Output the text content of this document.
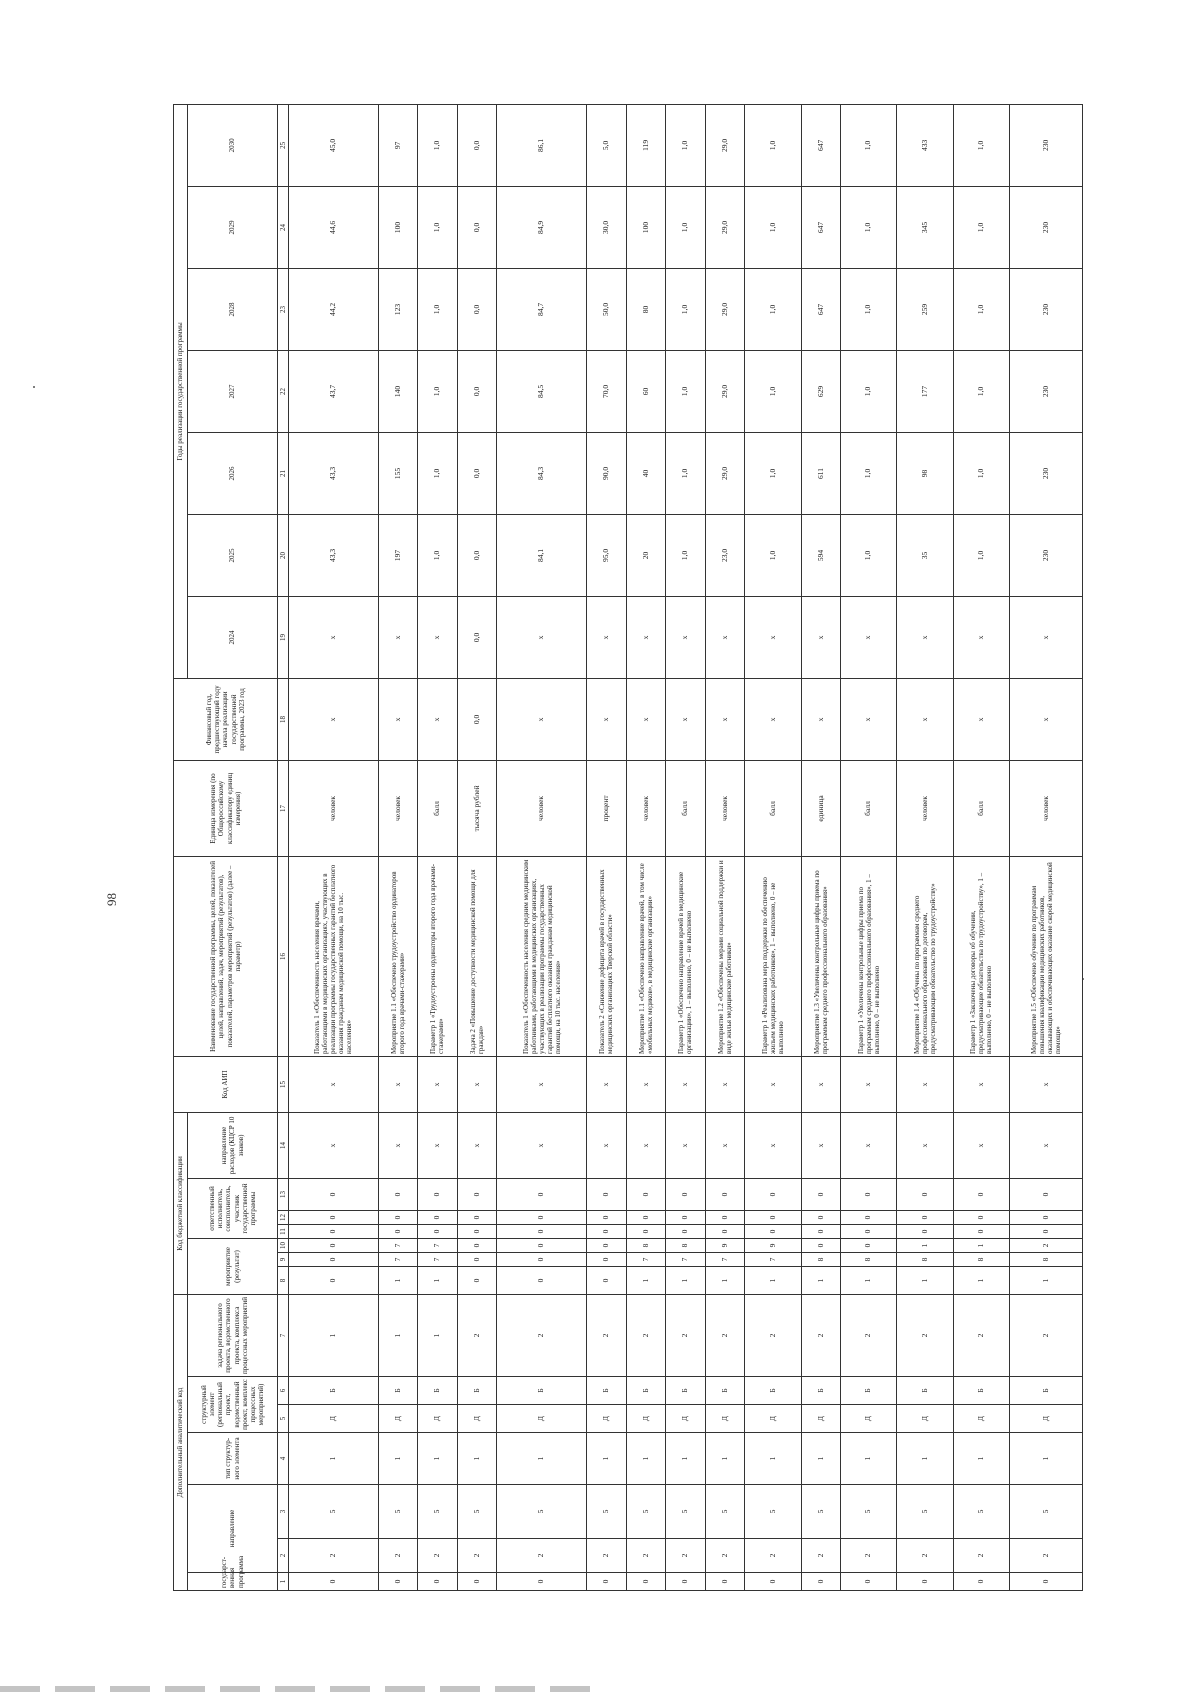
98
Дополнительный аналитический код							Код бюджетной классификации							Код АИП	Наименование государственной программы, целей, показателей целей, направлений, задач, мероприятий (результатов), показателей, параметров мероприятий (результатов) (далее – параметр)	Единица измерения (по Общероссийскому классификатору единиц измерения)	Финансовый год, предшествующий году начала реализации государственной программы, 2023 год	Годы реализации государственной программы						
государст-венная программа	направление		тип структур-ного элемента	структурный элемент (региональный проект, ведомственный проект, комплекс процессных мероприятий)		задача регионального проекта, ведомственного проекта, комплекса процессных мероприятий	мероприятие (результат)			ответственный исполнитель, соисполнитель, участник государственной программы			направление расходов (КЦСР 10 знаков)					2024	2025	2026	2027	2028	2029	2030

1	2	3	4	5	6	7	8	9	10	11	12	13	14	15	16	17	18	19	20	21	22	23	24	25
0	2	5	1	Д	Б	1	0	0	0	0	0	0	х	х	Показатель 1 «Обеспеченность населения врачами, работающими в медицинских организациях, участвующих в реализации программы государственных гарантий бесплатного оказания гражданам медицинской помощи, на 10 тыс. населения»	человек	х	х	43,3	43,3	43,7	44,2	44,6	45,0
0	2	5	1	Д	Б	1	1	7	7	0	0	0	х	х	Мероприятие 1.1 «Обеспечено трудоустройство ординаторов второго года врачами-стажерами»	человек	х	х	197	155	140	123	100	97
0	2	5	1	Д	Б	1	1	7	7	0	0	0	х	х	Параметр 1 «Трудоустроены ординаторы второго года врачами-стажерами»	балл	х	х	1,0	1,0	1,0	1,0	1,0	1,0
0	2	5	1	Д	Б	2	0	0	0	0	0	0	х	х	Задача 2 «Повышение доступности медицинской помощи для граждан»	тысяча рублей	0,0	0,0	0,0	0,0	0,0	0,0	0,0	0,0
0	2	5	1	Д	Б	2	0	0	0	0	0	0	х	х	Показатель 1 «Обеспеченность населения средним медицинским работниками, работающими в медицинских организациях, участвующих в реализации программы государственных гарантий бесплатного оказания гражданам медицинской помощи, на 10 тыс. населения»	человек	х	х	84,1	84,3	84,5	84,7	84,9	86,1
0	2	5	1	Д	Б	2	0	0	0	0	0	0	х	х	Показатель 2 «Снижение дефицита врачей в государственных медицинских организациях Тверской области»	процент	х	х	95,0	90,0	70,0	50,0	30,0	5,0
0	2	5	1	Д	Б	2	1	7	8	0	0	0	х	х	Мероприятие 1.1 «Обеспечено направление врачей, в том числе «мобильных медиков», в медицинские организации»	человек	х	х	20	40	60	80	100	119
0	2	5	1	Д	Б	2	1	7	8	0	0	0	х	х	Параметр 1 «Обеспечено направление врачей в медицинские организации», 1 – выполнено, 0 – не выполнено	балл	х	х	1,0	1,0	1,0	1,0	1,0	1,0
0	2	5	1	Д	Б	2	1	7	9	0	0	0	х	х	Мероприятие 1.2 «Обеспечены мерами социальной поддержки и виде жилья медицинские работники»	человек	х	х	23,0	29,0	29,0	29,0	29,0	29,0
0	2	5	1	Д	Б	2	1	7	9	0	0	0	х	х	Параметр 1 «Реализована мера поддержки по обеспечению жильем медицинских работников», 1 – выполнено, 0 – не выполнено	балл	х	х	1,0	1,0	1,0	1,0	1,0	1,0
0	2	5	1	Д	Б	2	1	8	0	0	0	0	х	х	Мероприятие 1.3 «Увеличены контрольные цифры приема по программам среднего профессионального образования»	единица	х	х	594	611	629	647	647	647
0	2	5	1	Д	Б	2	1	8	0	0	0	0	х	х	Параметр 1 «Увеличены контрольные цифры приема по программам среднего профессионального образования», 1 – выполнено, 0 – не выполнено	балл	х	х	1,0	1,0	1,0	1,0	1,0	1,0
0	2	5	1	Д	Б	2	1	8	1	0	0	0	х	х	Мероприятие 1.4 «Обучены по программам среднего профессионального образования по договорам, предусматривающим обязательство по трудоустройству»	человек	х	х	35	98	177	259	345	433
0	2	5	1	Д	Б	2	1	8	1	0	0	0	х	х	Параметр 1 «Заключены договоры об обучении, предусматривающие обязательства по трудоустройству», 1 – выполнено, 0 – не выполнено	балл	х	х	1,0	1,0	1,0	1,0	1,0	1,0
0	2	5	1	Д	Б	2	1	8	2	0	0	0	х	х	Мероприятие 1.5 «Обеспечено обучение по программам повышения квалификации медицинских работников, оказывающих и обеспечивающих оказание скорой медицинской помощи»	человек	х	х	230	230	230	230	230	230
